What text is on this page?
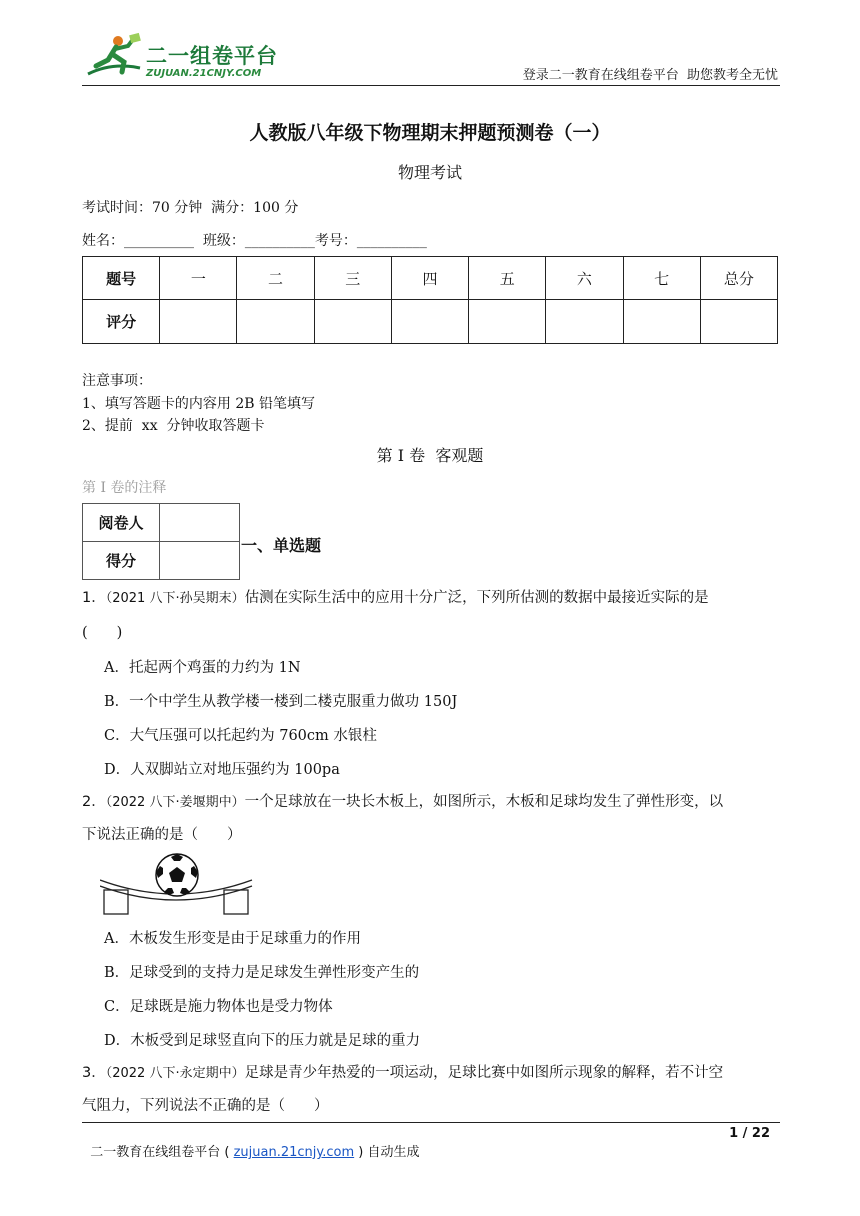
二一组卷平台
ZUJUAN.21CNJY.COM	登录二一教育在线组卷平台  助您教考全无忧
人教版八年级下物理期末押题预测卷（一）
物理考试
考试时间：70 分钟  满分：100 分
姓名：__________  班级：__________考号：__________
题号	一	二	三	四	五	六	七	总分
评分								
注意事项：
1、填写答题卡的内容用 2B 铅笔填写
2、提前  xx  分钟收取答题卡
第 I 卷  客观题
第 I 卷的注释
阅卷人	
得分	
一、单选题
1．（2021 八下·孙吴期末）估测在实际生活中的应用十分广泛，下列所估测的数据中最接近实际的是
(　　)
A．托起两个鸡蛋的力约为 1N
B．一个中学生从教学楼一楼到二楼克服重力做功 150J
C．大气压强可以托起约为 760cm 水银柱
D．人双脚站立对地压强约为 100pa
2．（2022 八下·姜堰期中）一个足球放在一块长木板上，如图所示，木板和足球均发生了弹性形变，以
下说法正确的是（　　）
A．木板发生形变是由于足球重力的作用
B．足球受到的支持力是足球发生弹性形变产生的
C．足球既是施力物体也是受力物体
D．木板受到足球竖直向下的压力就是足球的重力
3．（2022 八下·永定期中）足球是青少年热爱的一项运动，足球比赛中如图所示现象的解释，若不计空
气阻力，下列说法不正确的是（　　）

二一教育在线组卷平台 ( zujuan.21cnjy.com ) 自动生成

1 / 22
